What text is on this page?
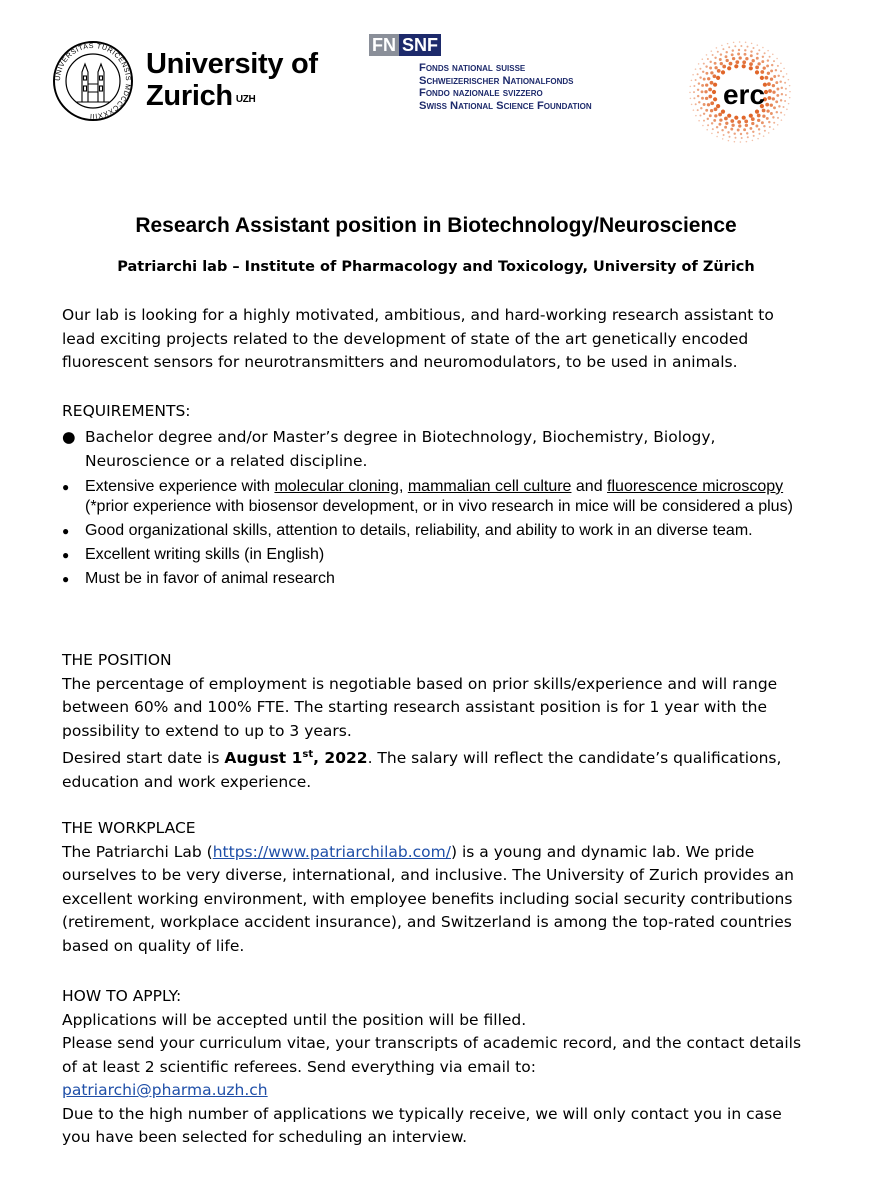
UNIVERSITAS TURICENSIS MDCCCXXXIII
University of
Zurich $^{UZH}$
FN SNF
Fonds national suisse
Schweizerischer Nationalfonds
Fondo nazionale svizzero
Swiss National Science Foundation	erc
Research Assistant position in Biotechnology/Neuroscience
Patriarchi lab – Institute of Pharmacology and Toxicology, University of Zürich
Our lab is looking for a highly motivated, ambitious, and hard-working research assistant to lead exciting projects related to the development of state of the art genetically encoded fluorescent sensors for neurotransmitters and neuromodulators, to be used in animals.
REQUIREMENTS:
● Bachelor degree and/or Master’s degree in Biotechnology, Biochemistry, Biology, Neuroscience or a related discipline.
● Extensive experience with molecular cloning, mammalian cell culture and fluorescence microscopy (*prior experience with biosensor development, or in vivo research in mice will be considered a plus)
● Good organizational skills, attention to details, reliability, and ability to work in an diverse team.
● Excellent writing skills (in English)
● Must be in favor of animal research
THE POSITION
The percentage of employment is negotiable based on prior skills/experience and will range between 60% and 100% FTE. The starting research assistant position is for 1 year with the possibility to extend to up to 3 years.
Desired start date is August 1st, 2022. The salary will reflect the candidate’s qualifications, education and work experience.
THE WORKPLACE
The Patriarchi Lab (https://www.patriarchilab.com/) is a young and dynamic lab. We pride ourselves to be very diverse, international, and inclusive. The University of Zurich provides an excellent working environment, with employee benefits including social security contributions (retirement, workplace accident insurance), and Switzerland is among the top-rated countries based on quality of life.
HOW TO APPLY:
Applications will be accepted until the position will be filled.
Please send your curriculum vitae, your transcripts of academic record, and the contact details of at least 2 scientific referees. Send everything via email to:
patriarchi@pharma.uzh.ch
Due to the high number of applications we typically receive, we will only contact you in case you have been selected for scheduling an interview.
